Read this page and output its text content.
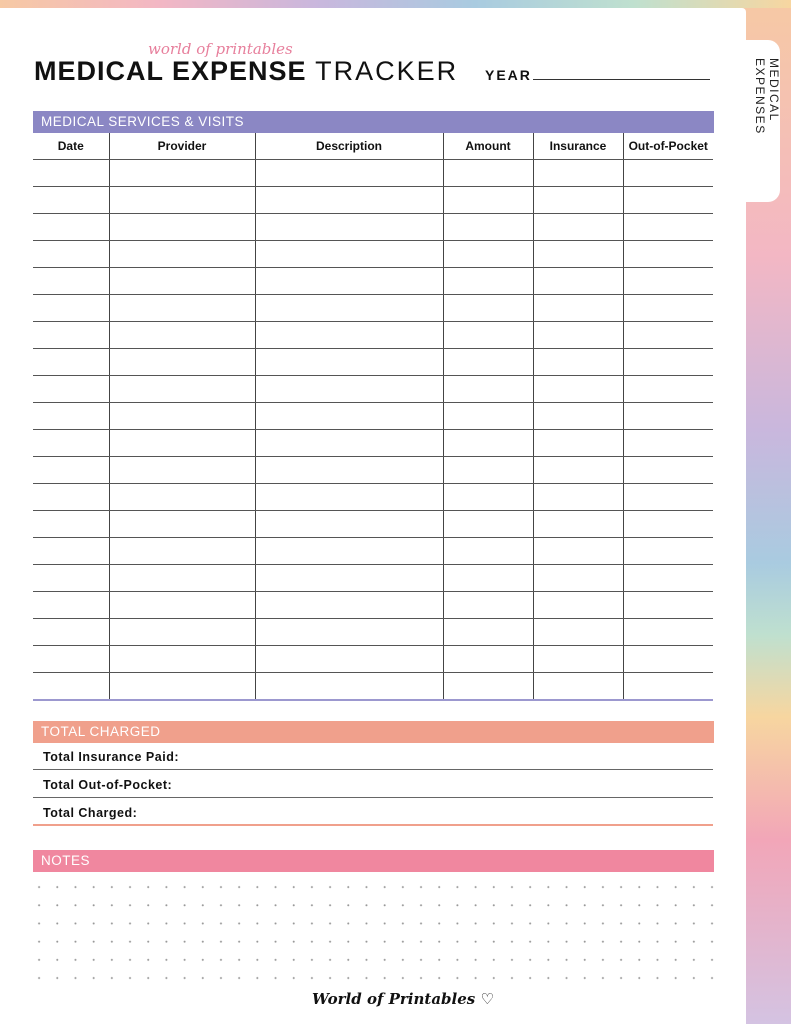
MEDICAL EXPENSES
world of printables
MEDICAL EXPENSE TRACKER YEAR
MEDICAL SERVICES & VISITS
Date	Provider	Description	Amount	Insurance	Out-of-Pocket

TOTAL CHARGED
Total Insurance Paid:
Total Out-of-Pocket:
Total Charged:
NOTES
World of Printables ♡
